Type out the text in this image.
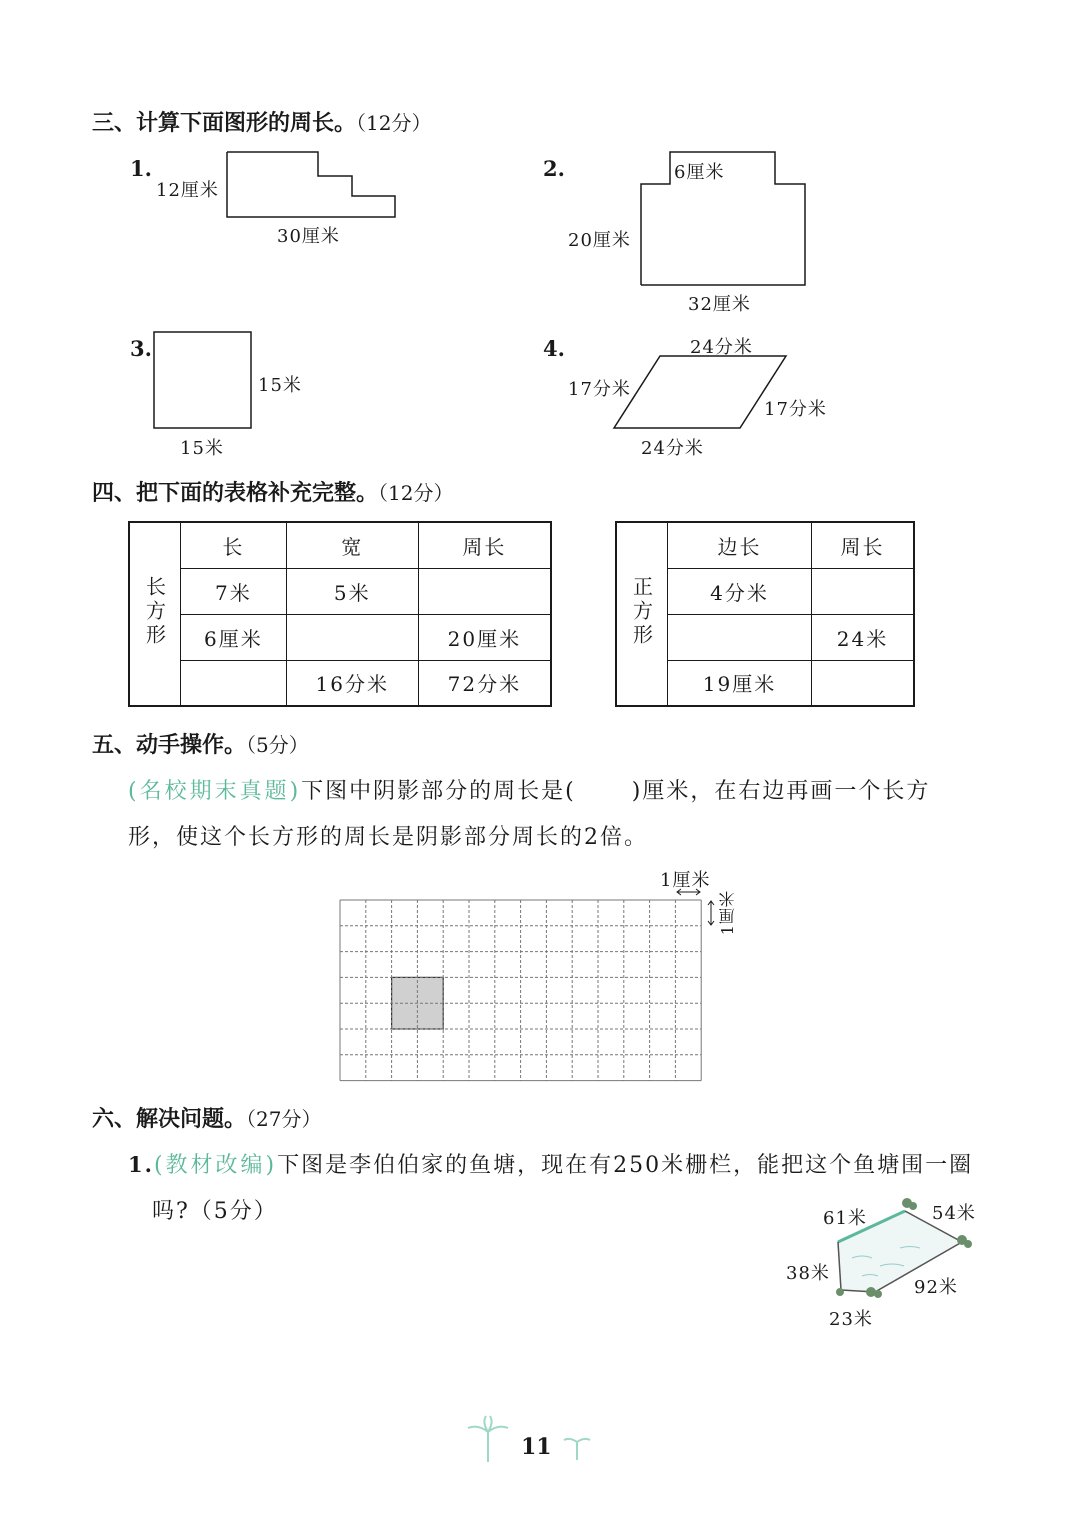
三、计算下面图形的周长。（12分）
1.
12厘米
30厘米
2.	6厘米
20厘米
32厘米
3.
15米
15米
4.	24分米
17分米
17分米
24分米
四、把下面的表格补充完整。（12分）
长方形	长	宽	周长
	7米	5米	
	6厘米		20厘米
		16分米	72分米
正方形	边长	周长
	4分米	
		24米
	19厘米	
五、动手操作。（5分）
(名校期末真题)下图中阴影部分的周长是(	)厘米，在右边再画一个长方
形，使这个长方形的周长是阴影部分周长的2倍。
1厘米
1厘米
六、解决问题。（27分）
1.(教材改编)下图是李伯伯家的鱼塘，现在有250米栅栏，能把这个鱼塘围一圈
吗?（5分）	61米	54米
38米
92米
23米
11
